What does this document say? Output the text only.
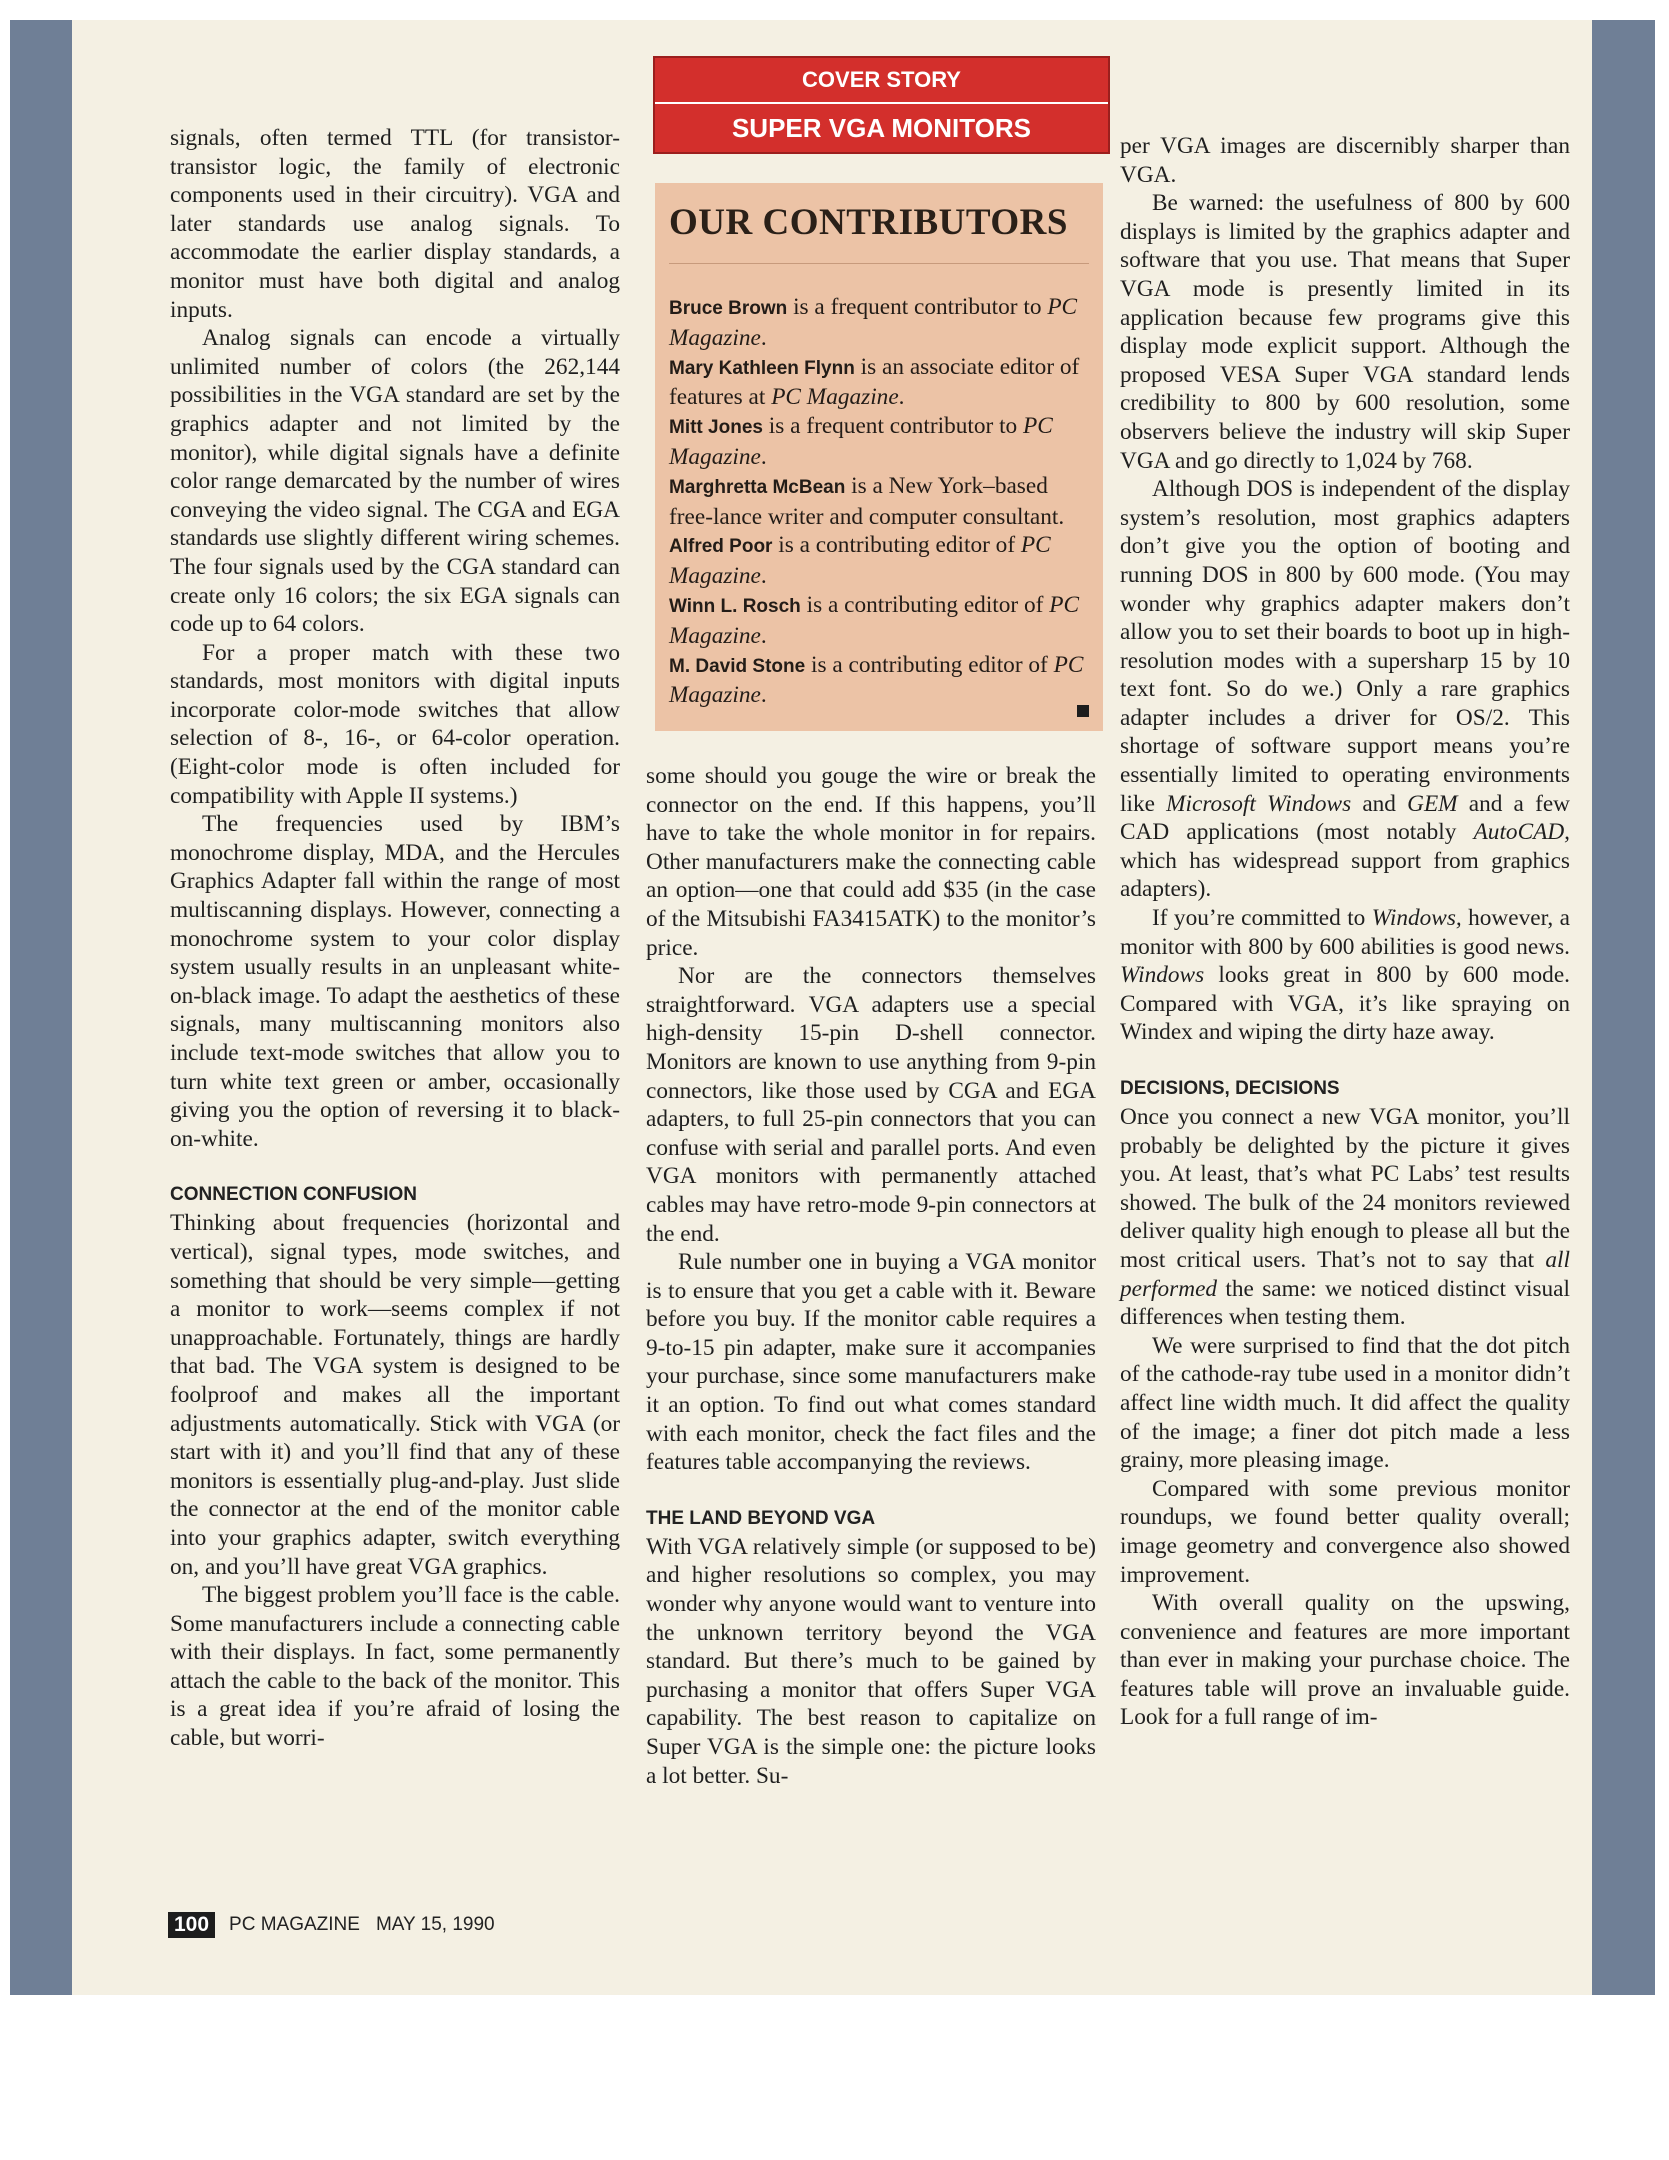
COVER STORY
SUPER VGA MONITORS
OUR CONTRIBUTORS

Bruce Brown is a frequent contributor to PC Magazine.

Mary Kathleen Flynn is an associate editor of features at PC Magazine.

Mitt Jones is a frequent contributor to PC Magazine.

Marghretta McBean is a New York–based free-lance writer and computer consultant.

Alfred Poor is a contributing editor of PC Magazine.

Winn L. Rosch is a contributing editor of PC Magazine.

M. David Stone is a contributing editor of PC Magazine.

signals, often termed TTL (for transistor-transistor logic, the family of electronic components used in their circuitry). VGA and later standards use analog signals. To accommodate the earlier display standards, a monitor must have both digital and analog inputs.

Analog signals can encode a virtually unlimited number of colors (the 262,144 possibilities in the VGA standard are set by the graphics adapter and not limited by the monitor), while digital signals have a definite color range demarcated by the number of wires conveying the video signal. The CGA and EGA standards use slightly different wiring schemes. The four signals used by the CGA standard can create only 16 colors; the six EGA signals can code up to 64 colors.

For a proper match with these two standards, most monitors with digital inputs incorporate color-mode switches that allow selection of 8-, 16-, or 64-color operation. (Eight-color mode is often included for compatibility with Apple II systems.)

The frequencies used by IBM’s monochrome display, MDA, and the Hercules Graphics Adapter fall within the range of most multiscanning displays. However, connecting a monochrome system to your color display system usually results in an unpleasant white-on-black image. To adapt the aesthetics of these signals, many multiscanning monitors also include text-mode switches that allow you to turn white text green or amber, occasionally giving you the option of reversing it to black-on-white.

CONNECTION CONFUSION

Thinking about frequencies (horizontal and vertical), signal types, mode switches, and something that should be very simple—getting a monitor to work—seems complex if not unapproachable. Fortunately, things are hardly that bad. The VGA system is designed to be foolproof and makes all the important adjustments automatically. Stick with VGA (or start with it) and you’ll find that any of these monitors is essentially plug-and-play. Just slide the connector at the end of the monitor cable into your graphics adapter, switch everything on, and you’ll have great VGA graphics.

The biggest problem you’ll face is the cable. Some manufacturers include a connecting cable with their displays. In fact, some permanently attach the cable to the back of the monitor. This is a great idea if you’re afraid of losing the cable, but worri-

some should you gouge the wire or break the connector on the end. If this happens, you’ll have to take the whole monitor in for repairs. Other manufacturers make the connecting cable an option—one that could add $35 (in the case of the Mitsubishi FA3415ATK) to the monitor’s price.

Nor are the connectors themselves straightforward. VGA adapters use a special high-density 15-pin D-shell connector. Monitors are known to use anything from 9-pin connectors, like those used by CGA and EGA adapters, to full 25-pin connectors that you can confuse with serial and parallel ports. And even VGA monitors with permanently attached cables may have retro-mode 9-pin connectors at the end.

Rule number one in buying a VGA monitor is to ensure that you get a cable with it. Beware before you buy. If the monitor cable requires a 9-to-15 pin adapter, make sure it accompanies your purchase, since some manufacturers make it an option. To find out what comes standard with each monitor, check the fact files and the features table accompanying the reviews.

THE LAND BEYOND VGA

With VGA relatively simple (or supposed to be) and higher resolutions so complex, you may wonder why anyone would want to venture into the unknown territory beyond the VGA standard. But there’s much to be gained by purchasing a monitor that offers Super VGA capability. The best reason to capitalize on Super VGA is the simple one: the picture looks a lot better. Su-

per VGA images are discernibly sharper than VGA.

Be warned: the usefulness of 800 by 600 displays is limited by the graphics adapter and software that you use. That means that Super VGA mode is presently limited in its application because few programs give this display mode explicit support. Although the proposed VESA Super VGA standard lends credibility to 800 by 600 resolution, some observers believe the industry will skip Super VGA and go directly to 1,024 by 768.

Although DOS is independent of the display system’s resolution, most graphics adapters don’t give you the option of booting and running DOS in 800 by 600 mode. (You may wonder why graphics adapter makers don’t allow you to set their boards to boot up in high-resolution modes with a supersharp 15 by 10 text font. So do we.) Only a rare graphics adapter includes a driver for OS/2. This shortage of software support means you’re essentially limited to operating environments like Microsoft Windows and GEM and a few CAD applications (most notably AutoCAD, which has widespread support from graphics adapters).

If you’re committed to Windows, however, a monitor with 800 by 600 abilities is good news. Windows looks great in 800 by 600 mode. Compared with VGA, it’s like spraying on Windex and wiping the dirty haze away.

DECISIONS, DECISIONS

Once you connect a new VGA monitor, you’ll probably be delighted by the picture it gives you. At least, that’s what PC Labs’ test results showed. The bulk of the 24 monitors reviewed deliver quality high enough to please all but the most critical users. That’s not to say that all performed the same: we noticed distinct visual differences when testing them.

We were surprised to find that the dot pitch of the cathode-ray tube used in a monitor didn’t affect line width much. It did affect the quality of the image; a finer dot pitch made a less grainy, more pleasing image.

Compared with some previous monitor roundups, we found better quality overall; image geometry and convergence also showed improvement.

With overall quality on the upswing, convenience and features are more important than ever in making your purchase choice. The features table will prove an invaluable guide. Look for a full range of im-

100	PC MAGAZINE MAY 15, 1990
